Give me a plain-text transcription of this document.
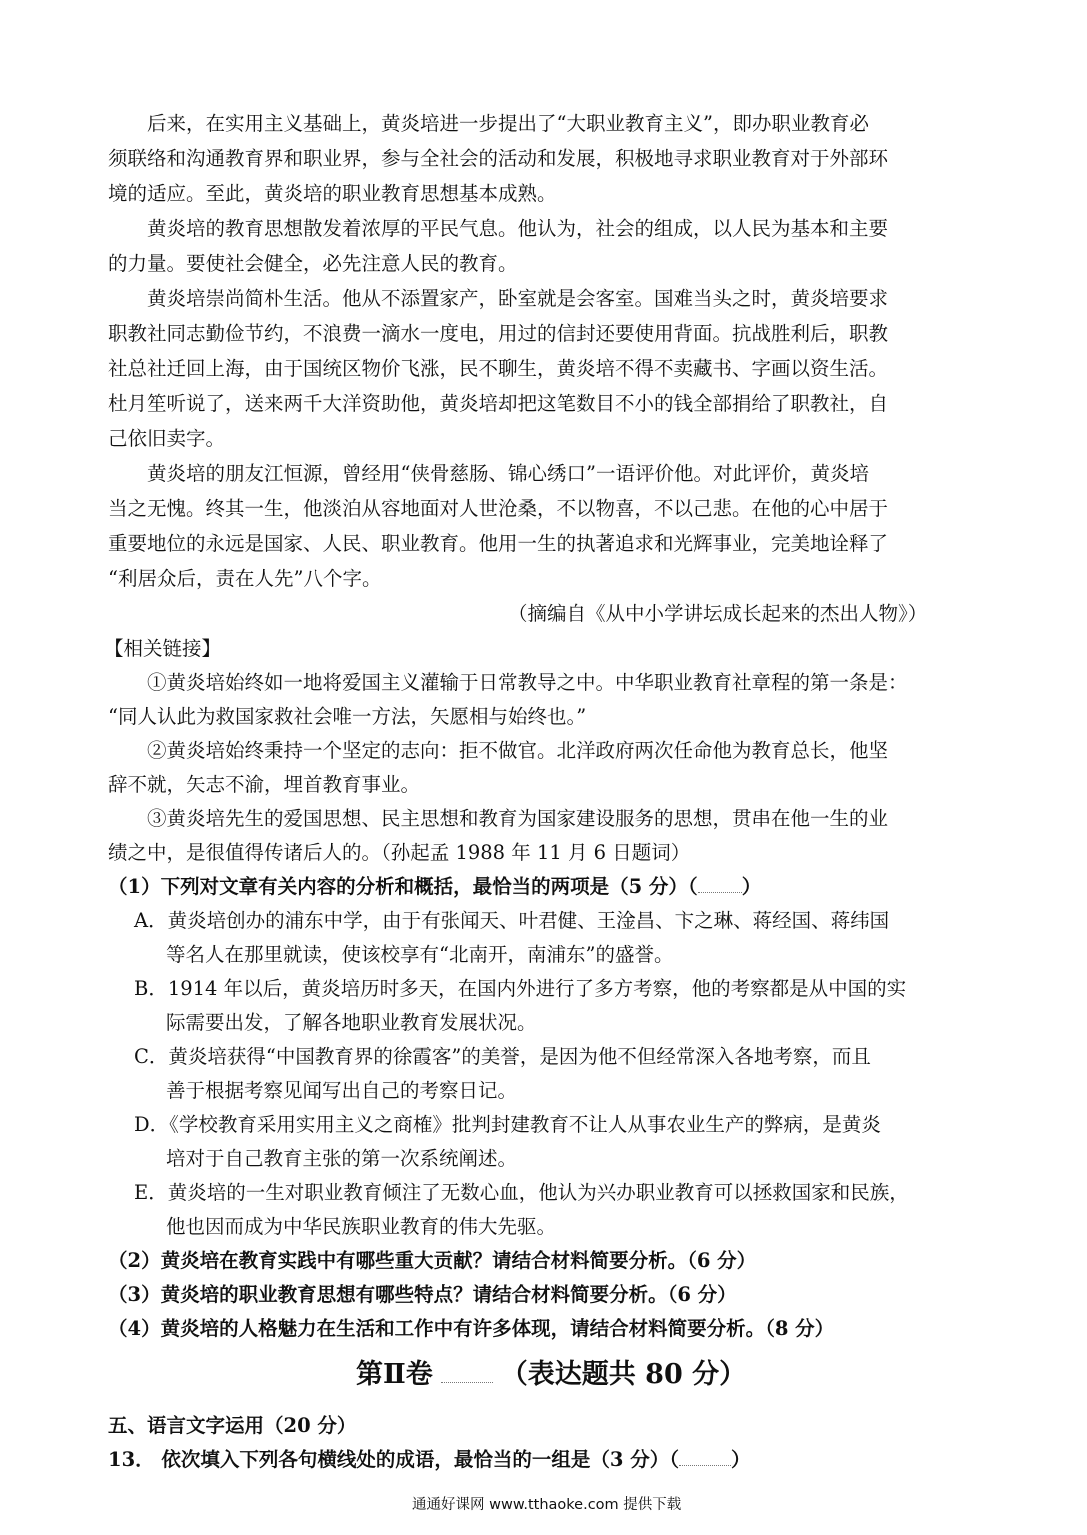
后来，在实用主义基础上，黄炎培进一步提出了“大职业教育主义”，即办职业教育必
须联络和沟通教育界和职业界，参与全社会的活动和发展，积极地寻求职业教育对于外部环
境的适应。至此，黄炎培的职业教育思想基本成熟。
黄炎培的教育思想散发着浓厚的平民气息。他认为，社会的组成，以人民为基本和主要
的力量。要使社会健全，必先注意人民的教育。
黄炎培崇尚简朴生活。他从不添置家产，卧室就是会客室。国难当头之时，黄炎培要求
职教社同志勤俭节约，不浪费一滴水一度电，用过的信封还要使用背面。抗战胜利后，职教
社总社迁回上海，由于国统区物价飞涨，民不聊生，黄炎培不得不卖藏书、字画以资生活。
杜月笙听说了，送来两千大洋资助他，黄炎培却把这笔数目不小的钱全部捐给了职教社，自
己依旧卖字。
黄炎培的朋友江恒源，曾经用“侠骨慈肠、锦心绣口”一语评价他。对此评价，黄炎培
当之无愧。终其一生，他淡泊从容地面对人世沧桑，不以物喜，不以己悲。在他的心中居于
重要地位的永远是国家、人民、职业教育。他用一生的执著追求和光辉事业，完美地诠释了
“利居众后，责在人先”八个字。
（摘编自《从中小学讲坛成长起来的杰出人物》）
【相关链接】
①黄炎培始终如一地将爱国主义灌输于日常教导之中。中华职业教育社章程的第一条是：
“同人认此为救国家救社会唯一方法，矢愿相与始终也。”
②黄炎培始终秉持一个坚定的志向：拒不做官。北洋政府两次任命他为教育总长，他坚
辞不就，矢志不渝，埋首教育事业。
③黄炎培先生的爱国思想、民主思想和教育为国家建设服务的思想，贯串在他一生的业
绩之中，是很值得传诸后人的。（孙起孟 1988 年 11 月 6 日题词）
（1）下列对文章有关内容的分析和概括，最恰当的两项是（5 分）（ ）
A．黄炎培创办的浦东中学，由于有张闻天、叶君健、王淦昌、卞之琳、蒋经国、蒋纬国
等名人在那里就读，使该校享有“北南开，南浦东”的盛誉。
B．1914 年以后，黄炎培历时多天，在国内外进行了多方考察，他的考察都是从中国的实
际需要出发，了解各地职业教育发展状况。
C．黄炎培获得“中国教育界的徐霞客”的美誉，是因为他不但经常深入各地考察，而且
善于根据考察见闻写出自己的考察日记。
D．《学校教育采用实用主义之商榷》批判封建教育不让人从事农业生产的弊病，是黄炎
培对于自己教育主张的第一次系统阐述。
E．黄炎培的一生对职业教育倾注了无数心血，他认为兴办职业教育可以拯救国家和民族，
他也因而成为中华民族职业教育的伟大先驱。
（2）黄炎培在教育实践中有哪些重大贡献？请结合材料简要分析。（6 分）
（3）黄炎培的职业教育思想有哪些特点？请结合材料简要分析。（6 分）
（4）黄炎培的人格魅力在生活和工作中有许多体现，请结合材料简要分析。（8 分）
第Ⅱ卷	（表达题共 80 分）
五、语言文字运用（20 分）
13． 依次填入下列各句横线处的成语，最恰当的一组是（3 分）（	）
通通好课网 www.tthaoke.com 提供下载
